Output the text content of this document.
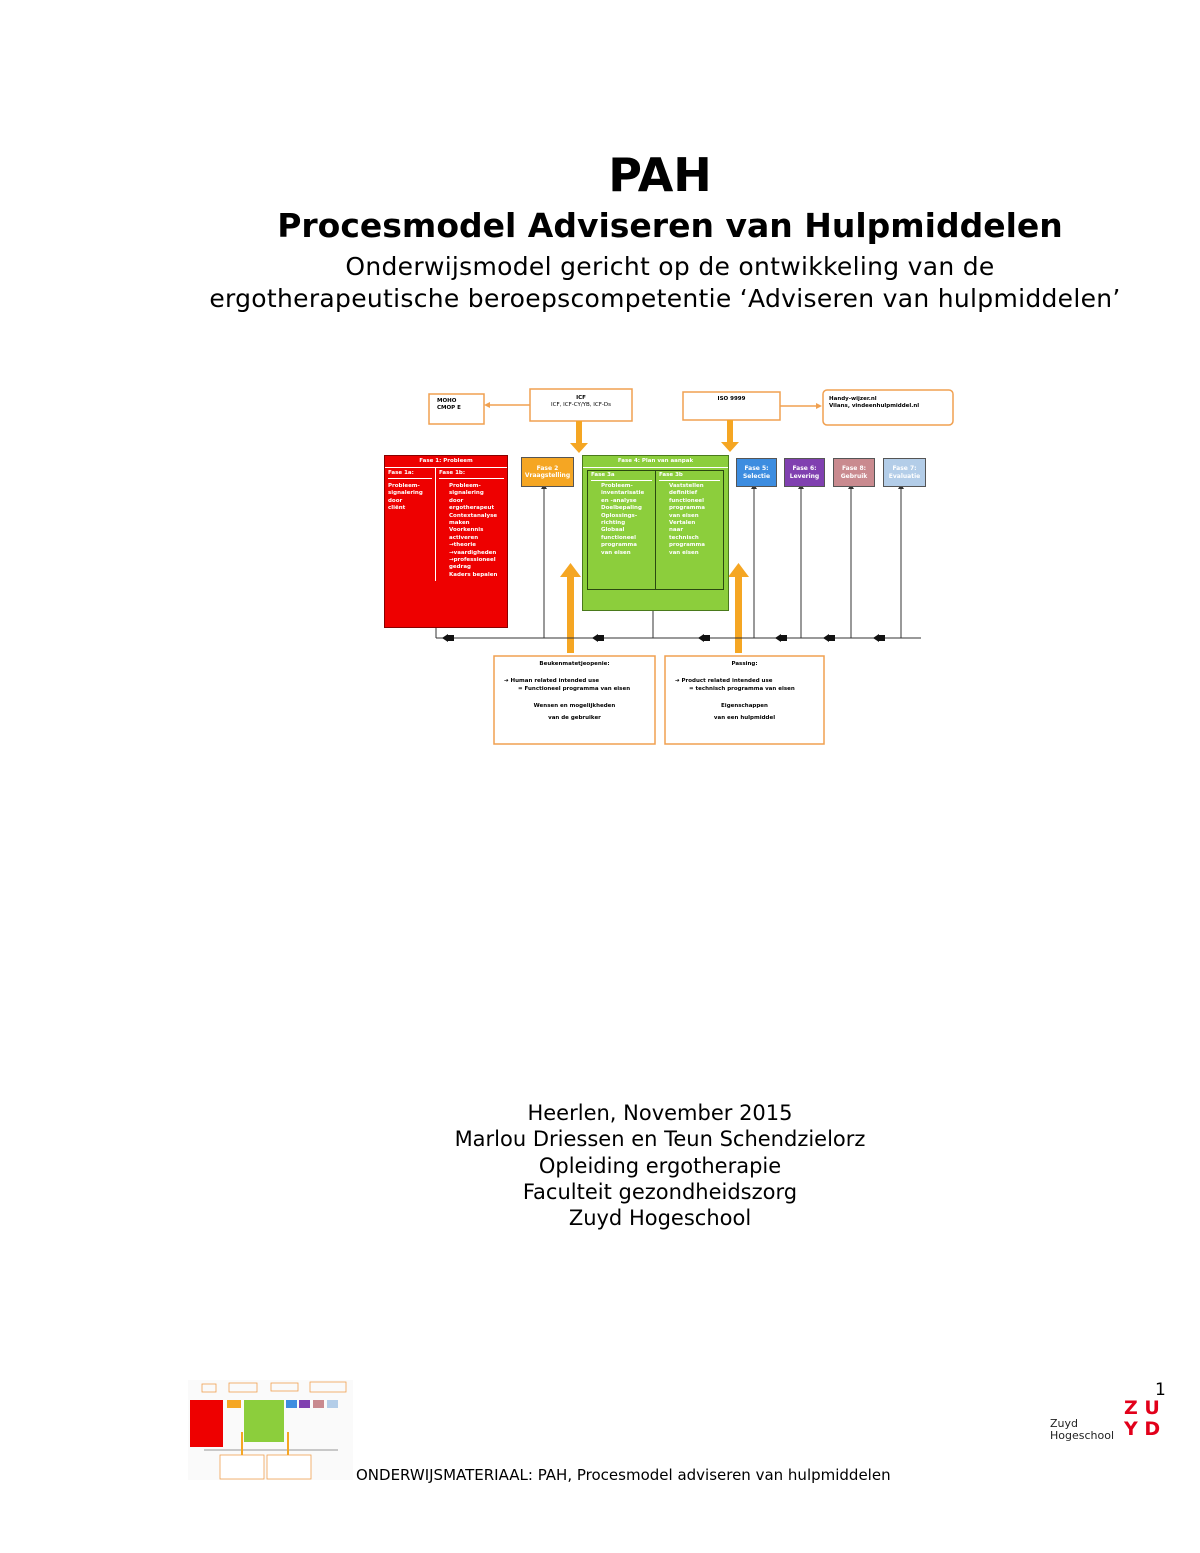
PAH
Procesmodel Adviseren van Hulpmiddelen
Onderwijsmodel gericht op de ontwikkeling van de
ergotherapeutische beroepscompetentie ‘Adviseren van hulpmiddelen’
MOHO
CMOP E
ICF
ICF, ICF-CY/YB, ICF-Ds
ISO 9999	Handy-wijzer.nl
Vilans, vindeenhulpmiddel.nl
Fase 1: Probleem
Fase 1a:
Probleem-
signalering
door
cliënt
Fase 1b:
Probleem-
signalering
door
ergotherapeut
Contextanalyse
maken
Voorkennis
activeren
→theorie
→vaardigheden
→professioneel
gedrag
Kaders bepalen
Fase 2
Vraagstelling
Fase 4: Plan van aanpak
Fase 3a
Probleem-
inventarisatie
en -analyse
Doelbepaling
Oplossings-
richting
Globaal
functioneel
programma
van eisen
Fase 3b
Vaststellen
definitief
functioneel
programma
van eisen
Vertalen
naar
technisch
programma
van eisen
Fase 5:
Selectie
Fase 6:
Levering
Fase 8:
Gebruik
Fase 7:
Evaluatie
Beukenmatetjeopenie:
➔ Human related intended use
= Functioneel programma van eisen
Wensen en mogelijkheden
van de gebruiker
Passing:
➔ Product related intended use
= technisch programma van eisen
Eigenschappen
van een hulpmiddel
Heerlen, November 2015
Marlou Driessen en Teun Schendzielorz
Opleiding ergotherapie
Faculteit gezondheidszorg
Zuyd Hogeschool
ONDERWIJSMATERIAAL: PAH, Procesmodel adviseren van hulpmiddelen
1
Zuyd
Hogeschool
Z U
Y D
